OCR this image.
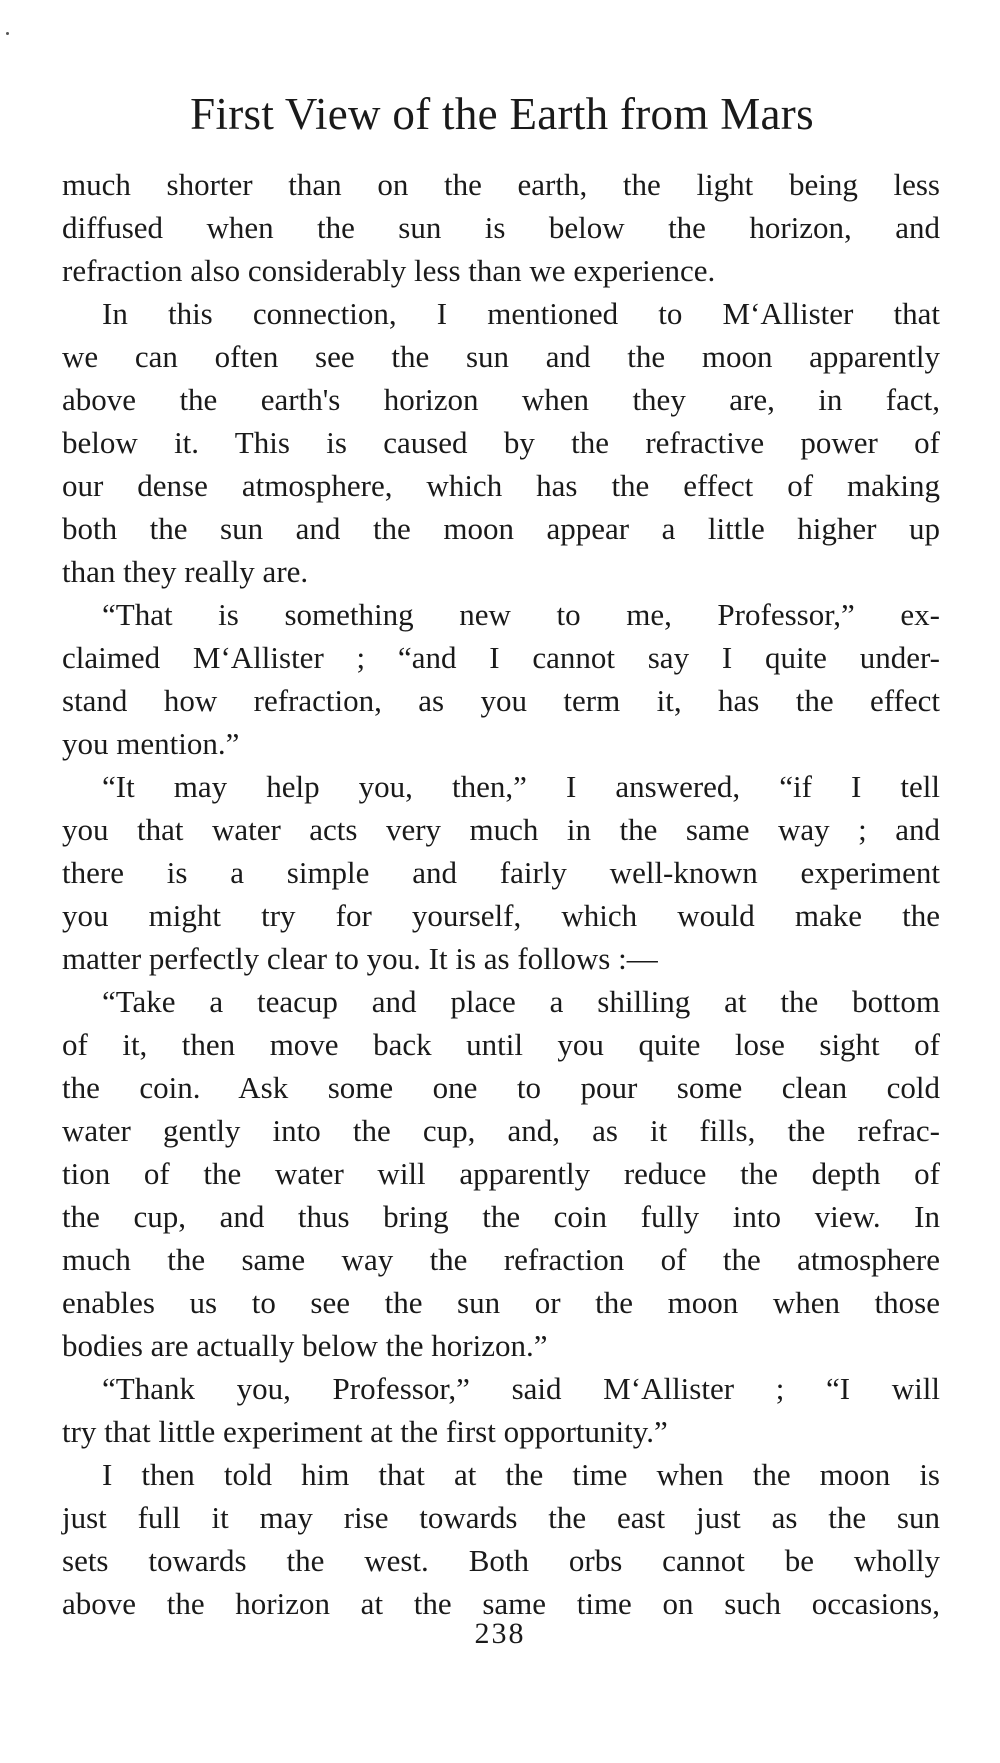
First View of the Earth from Mars

much shorter than on the earth, the light being less

diffused when the sun is below the horizon, and

refraction also considerably less than we experience.

In this connection, I mentioned to M‘Allister that

we can often see the sun and the moon apparently

above the earth's horizon when they are, in fact,

below it. This is caused by the refractive power of

our dense atmosphere, which has the effect of making

both the sun and the moon appear a little higher up

than they really are.

“That is something new to me, Professor,” ex-

claimed M‘Allister ; “and I cannot say I quite under-

stand how refraction, as you term it, has the effect

you mention.”

“It may help you, then,” I answered, “if I tell

you that water acts very much in the same way ; and

there is a simple and fairly well-known experiment

you might try for yourself, which would make the

matter perfectly clear to you. It is as follows :—

“Take a teacup and place a shilling at the bottom

of it, then move back until you quite lose sight of

the coin. Ask some one to pour some clean cold

water gently into the cup, and, as it fills, the refrac-

tion of the water will apparently reduce the depth of

the cup, and thus bring the coin fully into view. In

much the same way the refraction of the atmosphere

enables us to see the sun or the moon when those

bodies are actually below the horizon.”

“Thank you, Professor,” said M‘Allister ; “I will

try that little experiment at the first opportunity.”

I then told him that at the time when the moon is

just full it may rise towards the east just as the sun

sets towards the west. Both orbs cannot be wholly

above the horizon at the same time on such occasions,

238
